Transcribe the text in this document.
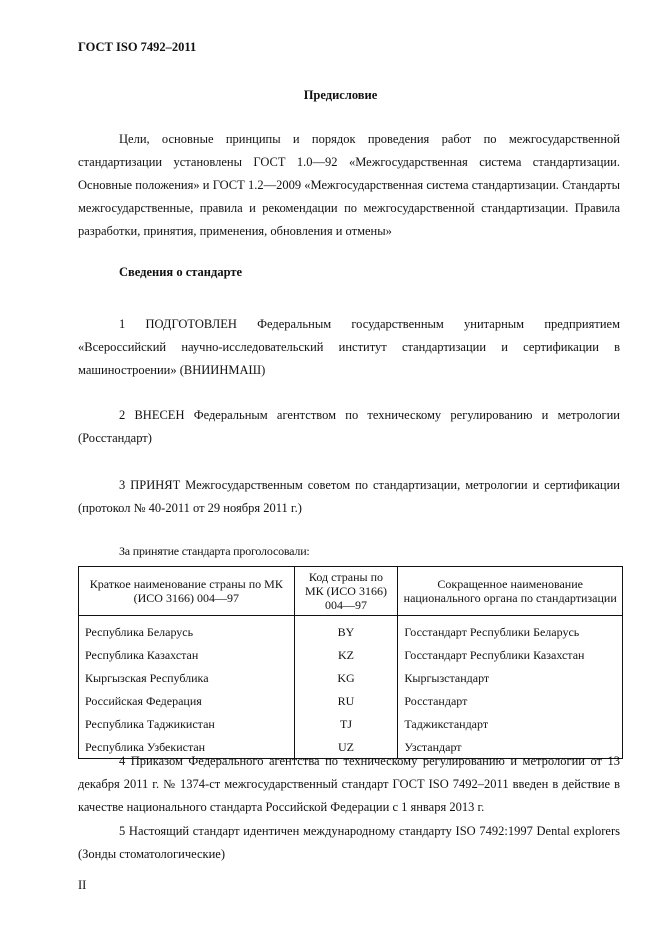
ГОСТ ISO 7492–2011
Предисловие

Цели, основные принципы и порядок проведения работ по межгосударственной стандартизации установлены ГОСТ 1.0—92 «Межгосударственная система стандартизации. Основные положения» и ГОСТ 1.2—2009 «Межгосударственная система стандартизации. Стандарты межгосударственные, правила и рекомендации по межгосударственной стандартизации. Правила разработки, принятия, применения, обновления и отмены»

Сведения о стандарте

1 ПОДГОТОВЛЕН Федеральным государственным унитарным предприятием «Всероссийский научно-исследовательский институт стандартизации и сертификации в машиностроении» (ВНИИНМАШ)

2 ВНЕСЕН Федеральным агентством по техническому регулированию и метрологии (Росстандарт)

3 ПРИНЯТ Межгосударственным советом по стандартизации, метрологии и сертификации (протокол № 40-2011 от 29 ноября 2011 г.)

За принятие стандарта проголосовали:
Краткое наименование страны по МК (ИСО 3166) 004—97	Код страны по МК (ИСО 3166) 004—97	Сокращенное наименование национального органа по стандартизации
Республика Беларусь	BY	Госстандарт Республики Беларусь
Республика Казахстан	KZ	Госстандарт Республики Казахстан
Кыргызская Республика	KG	Кыргызстандарт
Российская Федерация	RU	Росстандарт
Республика Таджикистан	TJ	Таджикстандарт
Республика Узбекистан	UZ	Узстандарт

4 Приказом Федерального агентства по техническому регулированию и метрологии от 13 декабря 2011 г. № 1374-ст межгосударственный стандарт ГОСТ ISO 7492–2011 введен в действие в качестве национального стандарта Российской Федерации с 1 января 2013 г.

5 Настоящий стандарт идентичен международному стандарту ISO 7492:1997 Dental explorers (Зонды стоматологические)

II
